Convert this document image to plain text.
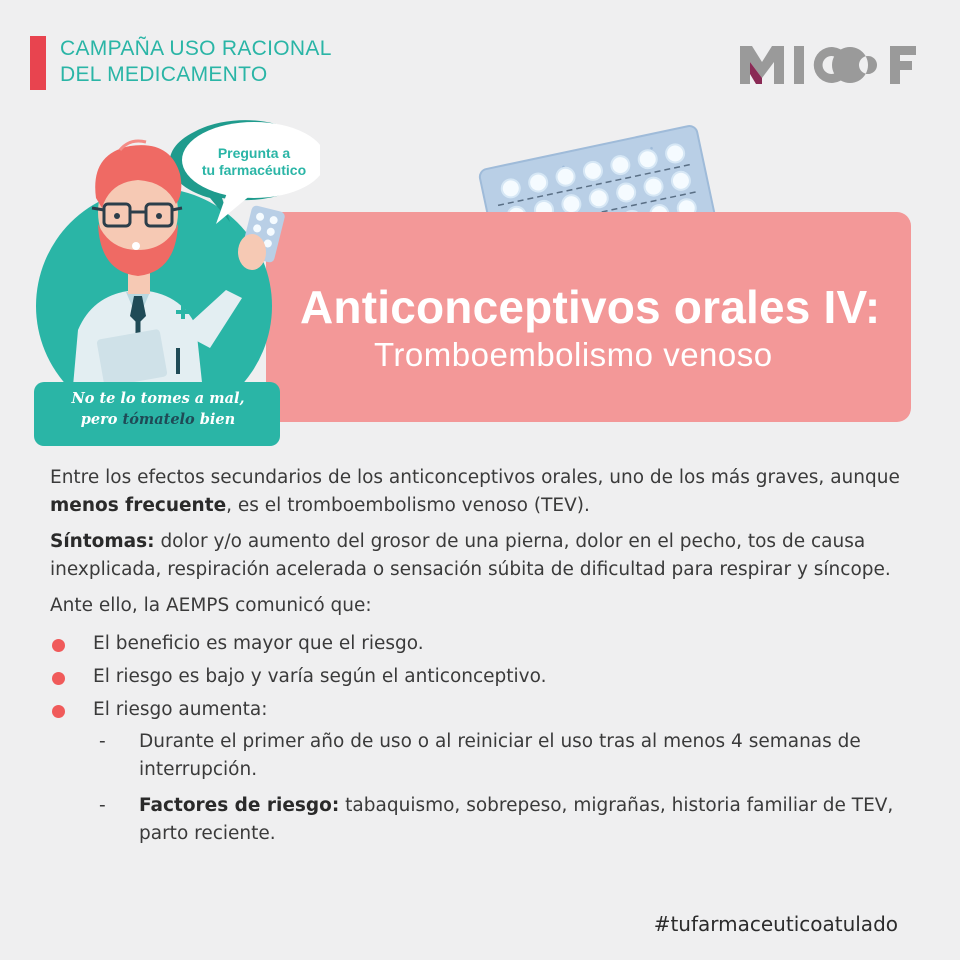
CAMPAÑA USO RACIONAL
DEL MEDICAMENTO
Anticonceptivos orales IV:
Tromboembolismo venoso
Pregunta a
tu farmacéutico
No te lo tomes a mal,
pero tómatelo bien

Entre los efectos secundarios de los anticonceptivos orales, uno de los más graves, aunque menos frecuente, es el tromboembolismo venoso (TEV).

Síntomas: dolor y/o aumento del grosor de una pierna, dolor en el pecho, tos de causa inexplicada, respiración acelerada o sensación súbita de dificultad para respirar y síncope.

Ante ello, la AEMPS comunicó que:

El beneficio es mayor que el riesgo.
El riesgo es bajo y varía según el anticonceptivo.
El riesgo aumenta:
- Durante el primer año de uso o al reiniciar el uso tras al menos 4 semanas de interrupción.
- Factores de riesgo: tabaquismo, sobrepeso, migrañas, historia familiar de TEV, parto reciente.
#tufarmaceuticoatulado
